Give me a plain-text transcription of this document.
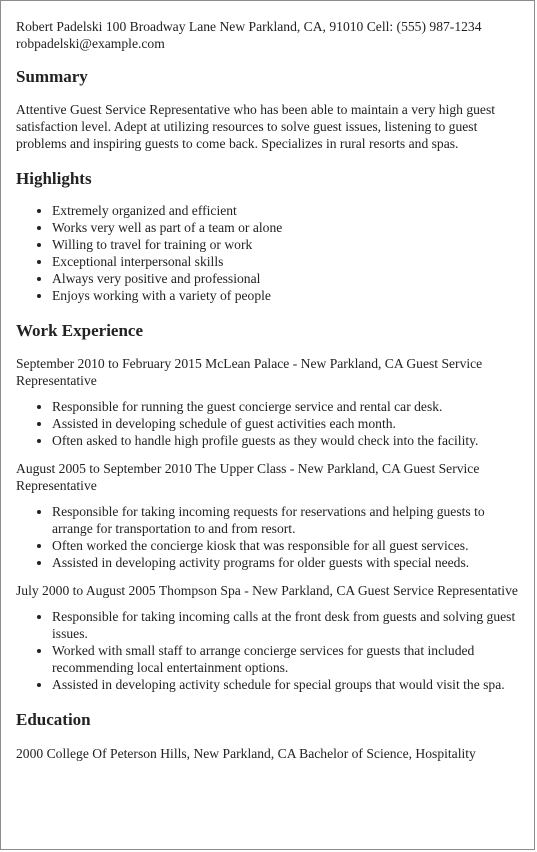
Robert Padelski 100 Broadway Lane New Parkland, CA, 91010 Cell: (555) 987-1234

robpadelski@example.com

Summary

Attentive Guest Service Representative who has been able to maintain a very high guest satisfaction level. Adept at utilizing resources to solve guest issues, listening to guest problems and inspiring guests to come back. Specializes in rural resorts and spas.

Highlights
• Extremely organized and efficient
• Works very well as part of a team or alone
• Willing to travel for training or work
• Exceptional interpersonal skills
• Always very positive and professional
• Enjoys working with a variety of people
Work Experience

September 2010 to February 2015 McLean Palace - New Parkland, CA Guest Service Representative

• Responsible for running the guest concierge service and rental car desk.
• Assisted in developing schedule of guest activities each month.
• Often asked to handle high profile guests as they would check into the facility.

August 2005 to September 2010 The Upper Class - New Parkland, CA Guest Service Representative

• Responsible for taking incoming requests for reservations and helping guests to arrange for transportation to and from resort.
• Often worked the concierge kiosk that was responsible for all guest services.
• Assisted in developing activity programs for older guests with special needs.

July 2000 to August 2005 Thompson Spa - New Parkland, CA Guest Service Representative

• Responsible for taking incoming calls at the front desk from guests and solving guest issues.
• Worked with small staff to arrange concierge services for guests that included recommending local entertainment options.
• Assisted in developing activity schedule for special groups that would visit the spa.
Education

2000 College Of Peterson Hills, New Parkland, CA Bachelor of Science, Hospitality
